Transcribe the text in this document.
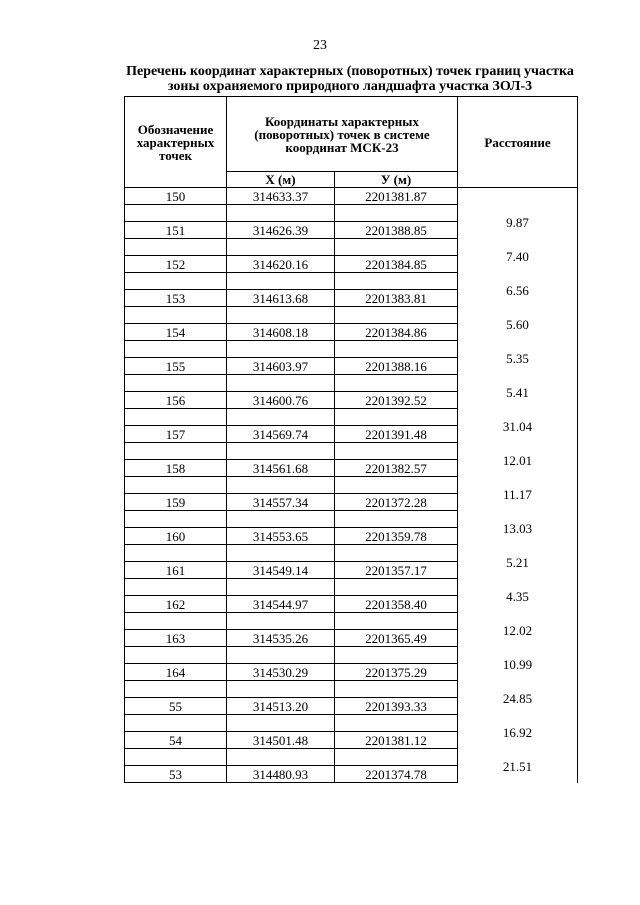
23
Перечень координат характерных (поворотных) точек границ участка
зоны охраняемого природного ландшафта участка ЗОЛ-3
Обозначение характерных точек	Координаты характерных (поворотных) точек в системе координат МСК-23		Расстояние
	X (м)	У (м)	
150	314633.37	2201381.87	

			9.87

151	314626.39	2201388.85	

			7.40

152	314620.16	2201384.85	

			6.56

153	314613.68	2201383.81	

			5.60

154	314608.18	2201384.86	

			5.35

155	314603.97	2201388.16	

			5.41

156	314600.76	2201392.52	

			31.04

157	314569.74	2201391.48	

			12.01

158	314561.68	2201382.57	

			11.17

159	314557.34	2201372.28	

			13.03

160	314553.65	2201359.78	

			5.21

161	314549.14	2201357.17	

			4.35

162	314544.97	2201358.40	

			12.02

163	314535.26	2201365.49	

			10.99

164	314530.29	2201375.29	

			24.85

55	314513.20	2201393.33	

			16.92

54	314501.48	2201381.12	

			21.51

53	314480.93	2201374.78	
